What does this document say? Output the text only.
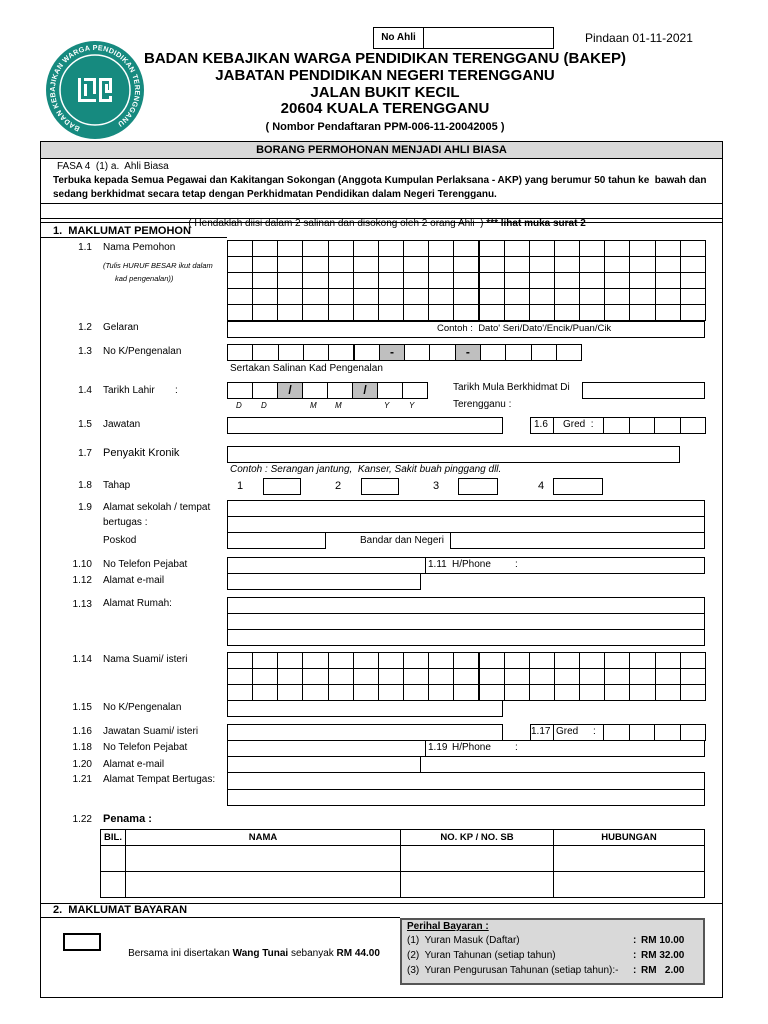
No Ahli	Pindaan 01-11-2021
BADAN KEBAJIKAN WARGA PENDIDIKAN TERENGGANU
BADAN KEBAJIKAN WARGA PENDIDIKAN TERENGGANU (BAKEP)
JABATAN PENDIDIKAN NEGERI TERENGGANU
JALAN BUKIT KECIL
20604 KUALA TERENGGANU
( Nombor Pendaftaran PPM-006-11-20042005 )
BORANG PERMOHONAN MENJADI AHLI BIASA
FASA 4  (1) a.  Ahli Biasa
Terbuka kepada Semua Pegawai dan Kakitangan Sokongan (Anggota Kumpulan Perlaksana - AKP) yang berumur 50 tahun ke  bawah dan
sedang berkhidmat secara tetap dengan Perkhidmatan Pendidikan dalam Negeri Terengganu.

( Hendaklah diisi dalam 2 salinan dan disokong oleh 2 orang Ahli  ) *** lihat muka surat 2

1.  MAKLUMAT PEMOHON
1.1 Nama Pemohon
(Tulis HURUF BESAR ikut dalam
kad pengenalan))
1.2 Gelaran	Contoh :  Dato' Seri/Dato'/Encik/Puan/Cik
1.3 No K/Pengenalan
Sertakan Salinan Kad Pengenalan
1.4 Tarikh Lahir :
D D	M M	Y Y
Tarikh Mula Berkhidmat Di
Terengganu :
1.5 Jawatan	1.6 Gred  :
1.7 Penyakit Kronik
Contoh : Serangan jantung,  Kanser, Sakit buah pinggang dll.
1.8 Tahap	1	2	3	4
1.9 Alamat sekolah / tempat
bertugas :
Poskod	Bandar dan Negeri
1.10 No Telefon Pejabat	1.11 H/Phone :
1.12 Alamat e-mail
1.13 Alamat Rumah:
1.14 Nama Suami/ isteri
1.15 No K/Pengenalan
1.16 Jawatan Suami/ isteri	1.17 Gred :
1.18 No Telefon Pejabat	1.19 H/Phone :
1.20 Alamat e-mail
1.21 Alamat Tempat Bertugas:
1.22 Penama :
BIL.	NAMA	NO. KP / NO. SB	HUBUNGAN
2.  MAKLUMAT BAYARAN

Bersama ini disertakan Wang Tunai sebanyak RM 44.00

Perihal Bayaran :
(1)  Yuran Masuk (Daftar)	: RM 10.00
(2)  Yuran Tahunan (setiap tahun)	: RM 32.00
(3)  Yuran Pengurusan Tahunan (setiap tahun):- : RM   2.00
-	-
/	/
